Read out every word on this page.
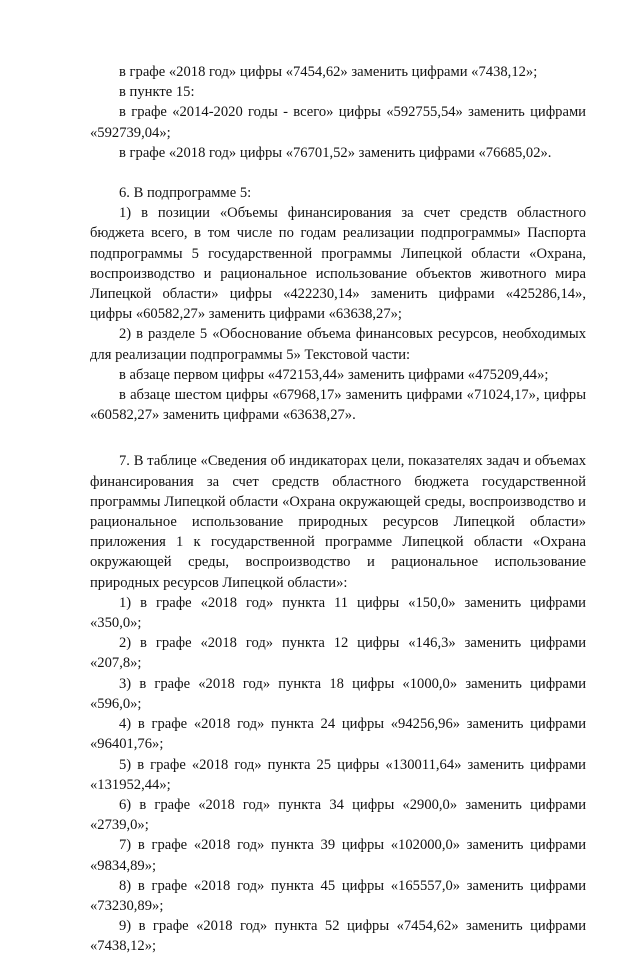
в графе «2018 год» цифры «7454,62» заменить цифрами «7438,12»;

в пункте 15:

в графе «2014-2020 годы - всего» цифры «592755,54» заменить цифрами «592739,04»;

в графе «2018 год» цифры «76701,52» заменить цифрами «76685,02».

6. В подпрограмме 5:

1) в позиции «Объемы финансирования за счет средств областного бюджета всего, в том числе по годам реализации подпрограммы» Паспорта подпрограммы 5 государственной программы Липецкой области «Охрана, воспроизводство и рациональное использование объектов животного мира Липецкой области» цифры «422230,14» заменить цифрами «425286,14», цифры «60582,27» заменить цифрами «63638,27»;

2) в разделе 5 «Обоснование объема финансовых ресурсов, необходимых для реализации подпрограммы 5» Текстовой части:

в абзаце первом цифры «472153,44» заменить цифрами «475209,44»;

в абзаце шестом цифры «67968,17» заменить цифрами «71024,17», цифры «60582,27» заменить цифрами «63638,27».

7. В таблице «Сведения об индикаторах цели, показателях задач и объемах финансирования за счет средств областного бюджета государственной программы Липецкой области «Охрана окружающей среды, воспроизводство и рациональное использование природных ресурсов Липецкой области» приложения 1 к государственной программе Липецкой области «Охрана окружающей среды, воспроизводство и рациональное использование природных ресурсов Липецкой области»:

1) в графе «2018 год» пункта 11 цифры «150,0» заменить цифрами «350,0»;

2) в графе «2018 год» пункта 12 цифры «146,3» заменить цифрами «207,8»;

3) в графе «2018 год» пункта 18 цифры «1000,0» заменить цифрами «596,0»;

4) в графе «2018 год» пункта 24 цифры «94256,96» заменить цифрами «96401,76»;

5) в графе «2018 год» пункта 25 цифры «130011,64» заменить цифрами «131952,44»;

6) в графе «2018 год» пункта 34 цифры «2900,0» заменить цифрами «2739,0»;

7) в графе «2018 год» пункта 39 цифры «102000,0» заменить цифрами «9834,89»;

8) в графе «2018 год» пункта 45 цифры «165557,0» заменить цифрами «73230,89»;

9) в графе «2018 год» пункта 52 цифры «7454,62» заменить цифрами «7438,12»;
